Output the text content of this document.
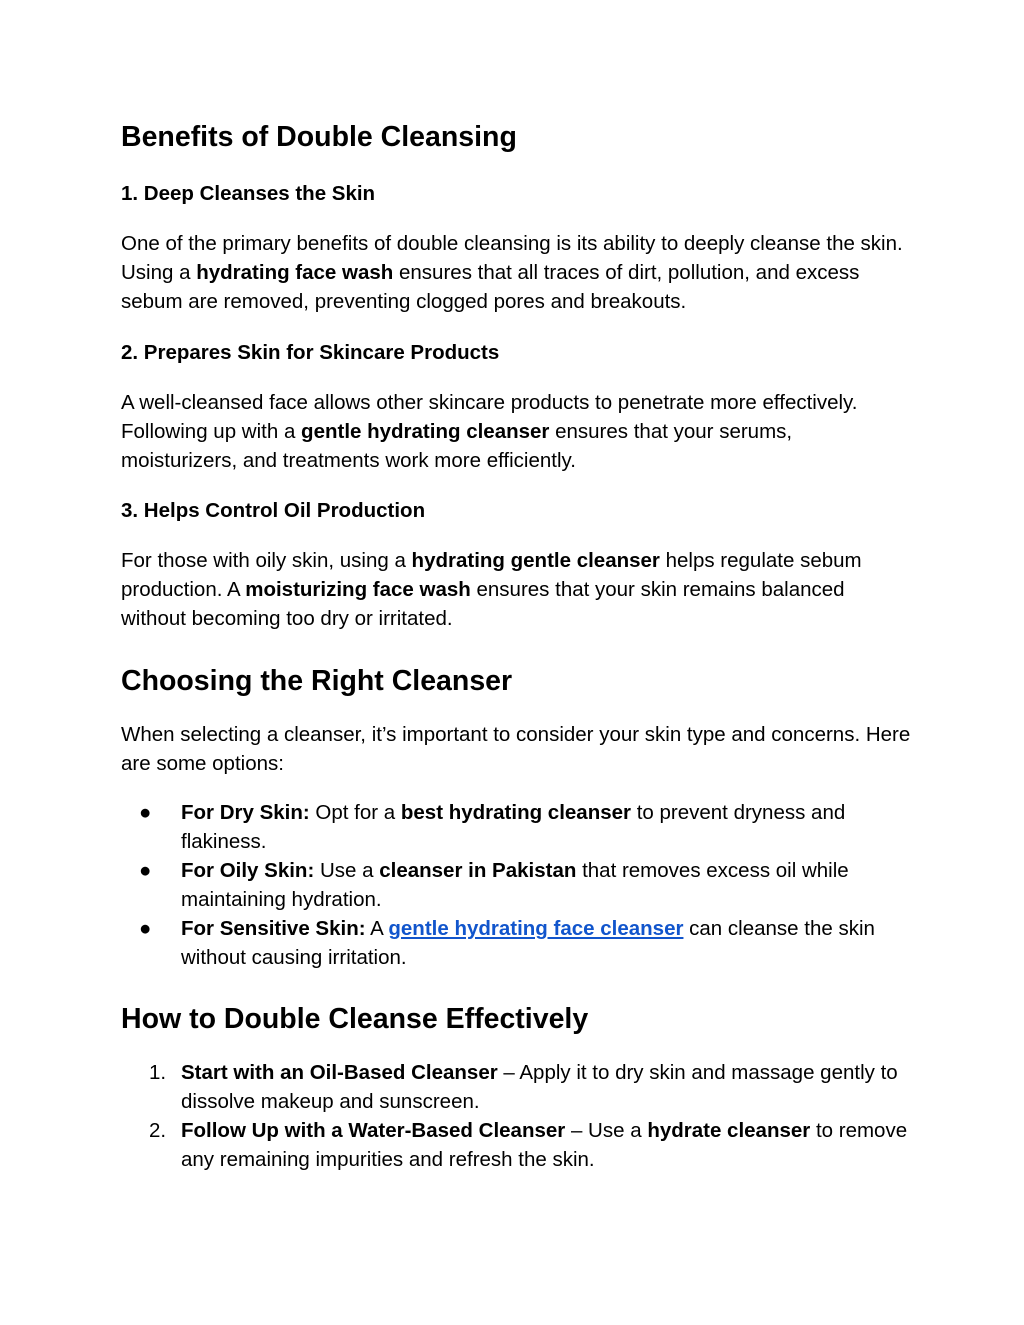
Benefits of Double Cleansing
1. Deep Cleanses the Skin

One of the primary benefits of double cleansing is its ability to deeply cleanse the skin. Using a hydrating face wash ensures that all traces of dirt, pollution, and excess sebum are removed, preventing clogged pores and breakouts.

2. Prepares Skin for Skincare Products

A well-cleansed face allows other skincare products to penetrate more effectively. Following up with a gentle hydrating cleanser ensures that your serums, moisturizers, and treatments work more efficiently.

3. Helps Control Oil Production

For those with oily skin, using a hydrating gentle cleanser helps regulate sebum production. A moisturizing face wash ensures that your skin remains balanced without becoming too dry or irritated.

Choosing the Right Cleanser

When selecting a cleanser, it’s important to consider your skin type and concerns. Here are some options:

● For Dry Skin: Opt for a best hydrating cleanser to prevent dryness and flakiness.
● For Oily Skin: Use a cleanser in Pakistan that removes excess oil while maintaining hydration.
● For Sensitive Skin: A gentle hydrating face cleanser can cleanse the skin without causing irritation.
How to Double Cleanse Effectively
1. Start with an Oil-Based Cleanser – Apply it to dry skin and massage gently to dissolve makeup and sunscreen.
2. Follow Up with a Water-Based Cleanser – Use a hydrate cleanser to remove any remaining impurities and refresh the skin.
